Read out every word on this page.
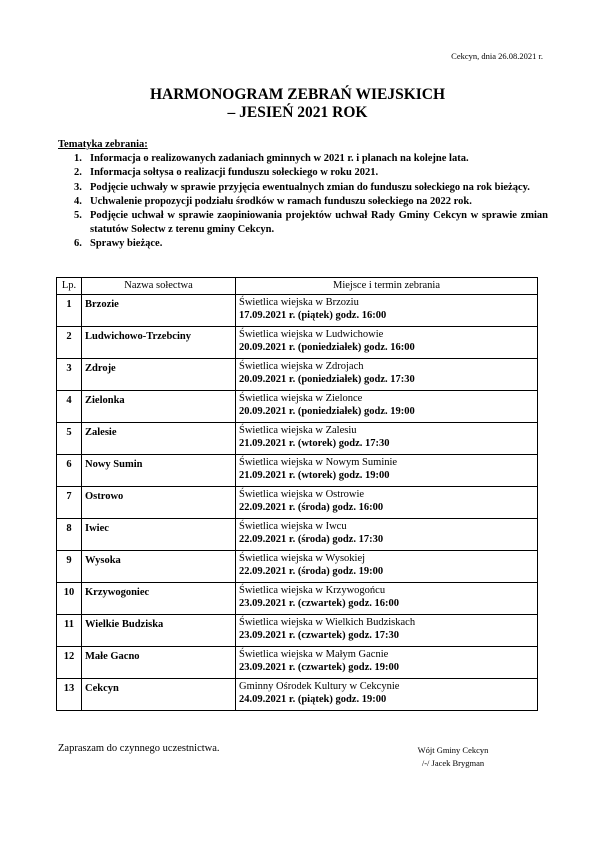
Cekcyn, dnia 26.08.2021 r.
HARMONOGRAM ZEBRAŃ WIEJSKICH
– JESIEŃ 2021 ROK
Tematyka zebrania:
1. Informacja o realizowanych zadaniach gminnych w 2021 r. i planach na kolejne lata.
2. Informacja sołtysa o realizacji funduszu sołeckiego w roku 2021.
3. Podjęcie uchwały w sprawie przyjęcia ewentualnych zmian do funduszu sołeckiego na rok bieżący.
4. Uchwalenie propozycji podziału środków w ramach funduszu sołeckiego na 2022 rok.
5. Podjęcie uchwał w sprawie zaopiniowania projektów uchwał Rady Gminy Cekcyn w sprawie zmian statutów Sołectw z terenu gminy Cekcyn.
6. Sprawy bieżące.
Lp.	Nazwa sołectwa	Miejsce i termin zebrania
1	Brzozie	Świetlica wiejska w Brzoziu
17.09.2021 r. (piątek) godz. 16:00

2	Ludwichowo-Trzebciny	Świetlica wiejska w Ludwichowie
20.09.2021 r. (poniedziałek) godz. 16:00

3	Zdroje	Świetlica wiejska w Zdrojach
20.09.2021 r. (poniedziałek) godz. 17:30

4	Zielonka	Świetlica wiejska w Zielonce
20.09.2021 r. (poniedziałek) godz. 19:00

5	Zalesie	Świetlica wiejska w Zalesiu
21.09.2021 r. (wtorek) godz. 17:30

6	Nowy Sumin	Świetlica wiejska w Nowym Suminie
21.09.2021 r. (wtorek) godz. 19:00

7	Ostrowo	Świetlica wiejska w Ostrowie
22.09.2021 r. (środa) godz. 16:00

8	Iwiec	Świetlica wiejska w Iwcu
22.09.2021 r. (środa) godz. 17:30

9	Wysoka	Świetlica wiejska w Wysokiej
22.09.2021 r. (środa) godz. 19:00

10	Krzywogoniec	Świetlica wiejska w Krzywogońcu
23.09.2021 r. (czwartek) godz. 16:00

11	Wielkie Budziska	Świetlica wiejska w Wielkich Budziskach
23.09.2021 r. (czwartek) godz. 17:30

12	Małe Gacno	Świetlica wiejska w Małym Gacnie
23.09.2021 r. (czwartek) godz. 19:00

13	Cekcyn	Gminny Ośrodek Kultury w Cekcynie
24.09.2021 r. (piątek) godz. 19:00
Zapraszam do czynnego uczestnictwa.	Wójt Gminy Cekcyn
/-/ Jacek Brygman
